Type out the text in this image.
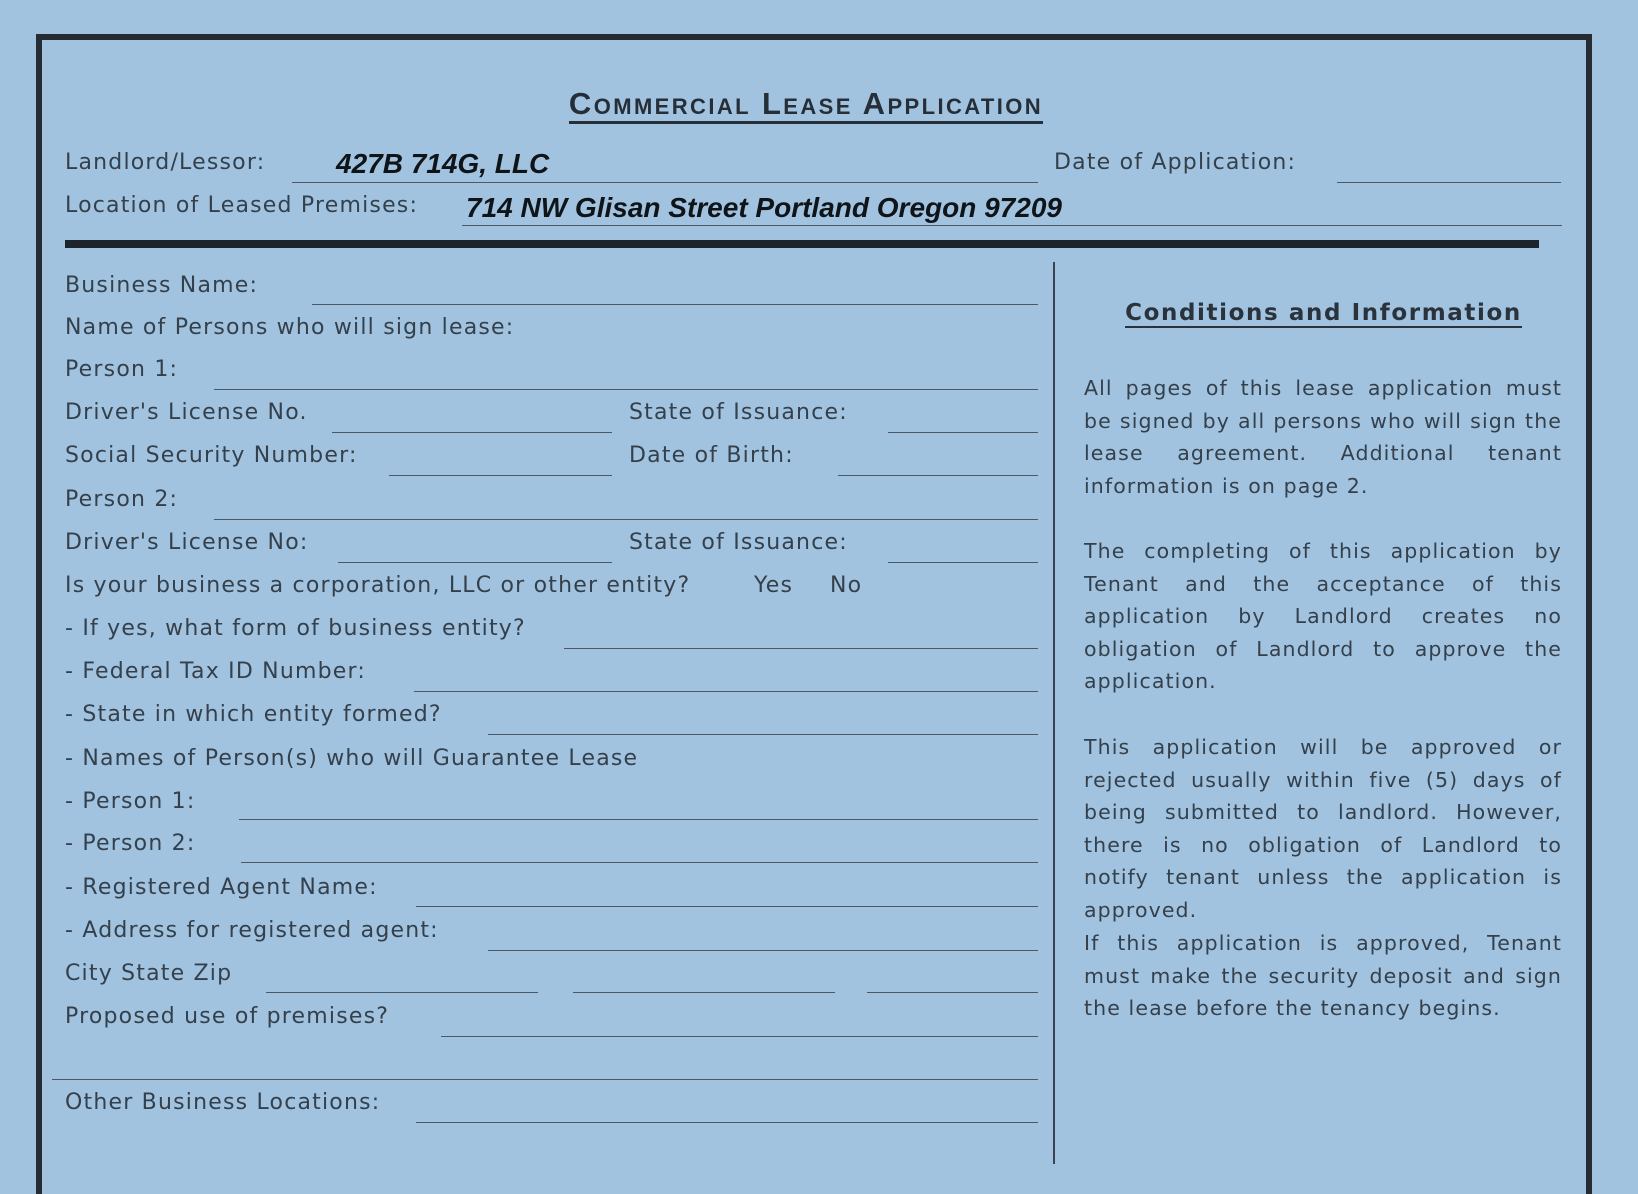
Commercial Lease Application
Landlord/Lessor:	427B 714G, LLC	Date of Application:
Location of Leased Premises: 714 NW Glisan Street Portland Oregon 97209
Business Name:
Name of Persons who will sign lease:
Person 1:
Driver's License No.	State of Issuance:
Social Security Number:	Date of Birth:
Person 2:
Driver's License No:	State of Issuance:
Is your business a corporation, LLC or other entity?	Yes No
- If yes, what form of business entity?
- Federal Tax ID Number:
- State in which entity formed?
- Names of Person(s) who will Guarantee Lease
- Person 1:
- Person 2:
- Registered Agent Name:
- Address for registered agent:
City State Zip
Proposed use of premises?
Other Business Locations:
Conditions and Information
All pages of this lease application must be signed by all persons who will sign the lease agreement. Additional tenant information is on page 2.
The completing of this application by Tenant and the acceptance of this application by Landlord creates no obligation of Landlord to approve the application.
This application will be approved or rejected usually within five (5) days of being submitted to landlord. However, there is no obligation of Landlord to notify tenant unless the application is approved.
If this application is approved, Tenant must make the security deposit and sign the lease before the tenancy begins.
